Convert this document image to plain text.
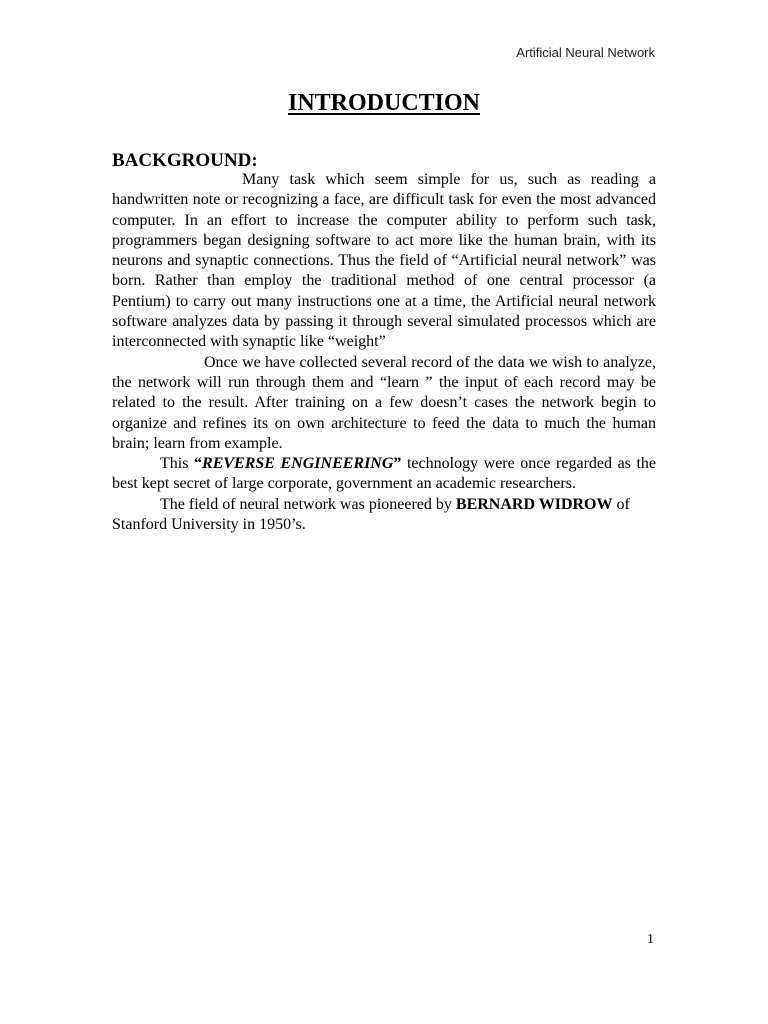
Artificial Neural Network
INTRODUCTION
BACKGROUND:

Many task which seem simple for us, such as reading a handwritten note or recognizing a face, are difficult task for even the most advanced computer. In an effort to increase the computer ability to perform such task, programmers began designing software to act more like the human brain, with its neurons and synaptic connections. Thus the field of “Artificial neural network” was born. Rather than employ the traditional method of one central processor (a Pentium) to carry out many instructions one at a time, the Artificial neural network software analyzes data by passing it through several simulated processos which are interconnected with synaptic like “weight”

Once we have collected several record of the data we wish to analyze, the network will run through them and “learn ” the input of each record may be related to the result. After training on a few doesn’t cases the network begin to organize and refines its on own architecture to feed the data to much the human brain; learn from example.

This “REVERSE ENGINEERING” technology were once regarded as the best kept secret of large corporate, government an academic researchers.

The field of neural network was pioneered by BERNARD WIDROW of Stanford University in 1950’s.

1
